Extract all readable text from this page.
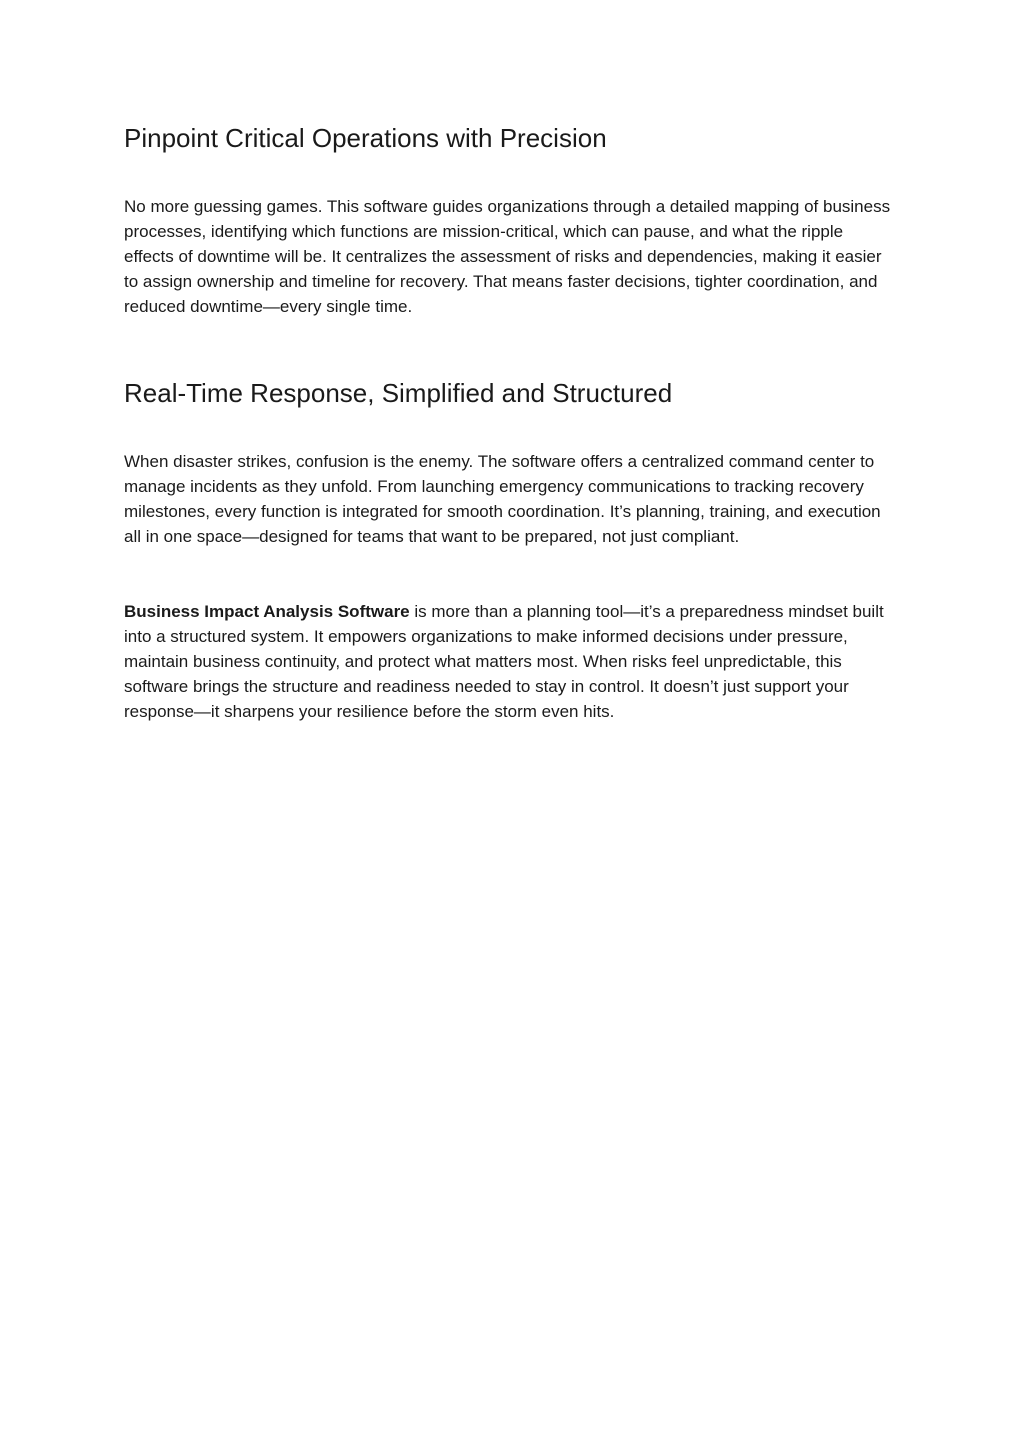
Pinpoint Critical Operations with Precision

No more guessing games. This software guides organizations through a detailed mapping of business processes, identifying which functions are mission-critical, which can pause, and what the ripple effects of downtime will be. It centralizes the assessment of risks and dependencies, making it easier to assign ownership and timeline for recovery. That means faster decisions, tighter coordination, and reduced downtime—every single time.

Real-Time Response, Simplified and Structured

When disaster strikes, confusion is the enemy. The software offers a centralized command center to manage incidents as they unfold. From launching emergency communications to tracking recovery milestones, every function is integrated for smooth coordination. It’s planning, training, and execution all in one space—designed for teams that want to be prepared, not just compliant.

Business Impact Analysis Software is more than a planning tool—it’s a preparedness mindset built into a structured system. It empowers organizations to make informed decisions under pressure, maintain business continuity, and protect what matters most. When risks feel unpredictable, this software brings the structure and readiness needed to stay in control. It doesn’t just support your response—it sharpens your resilience before the storm even hits.
